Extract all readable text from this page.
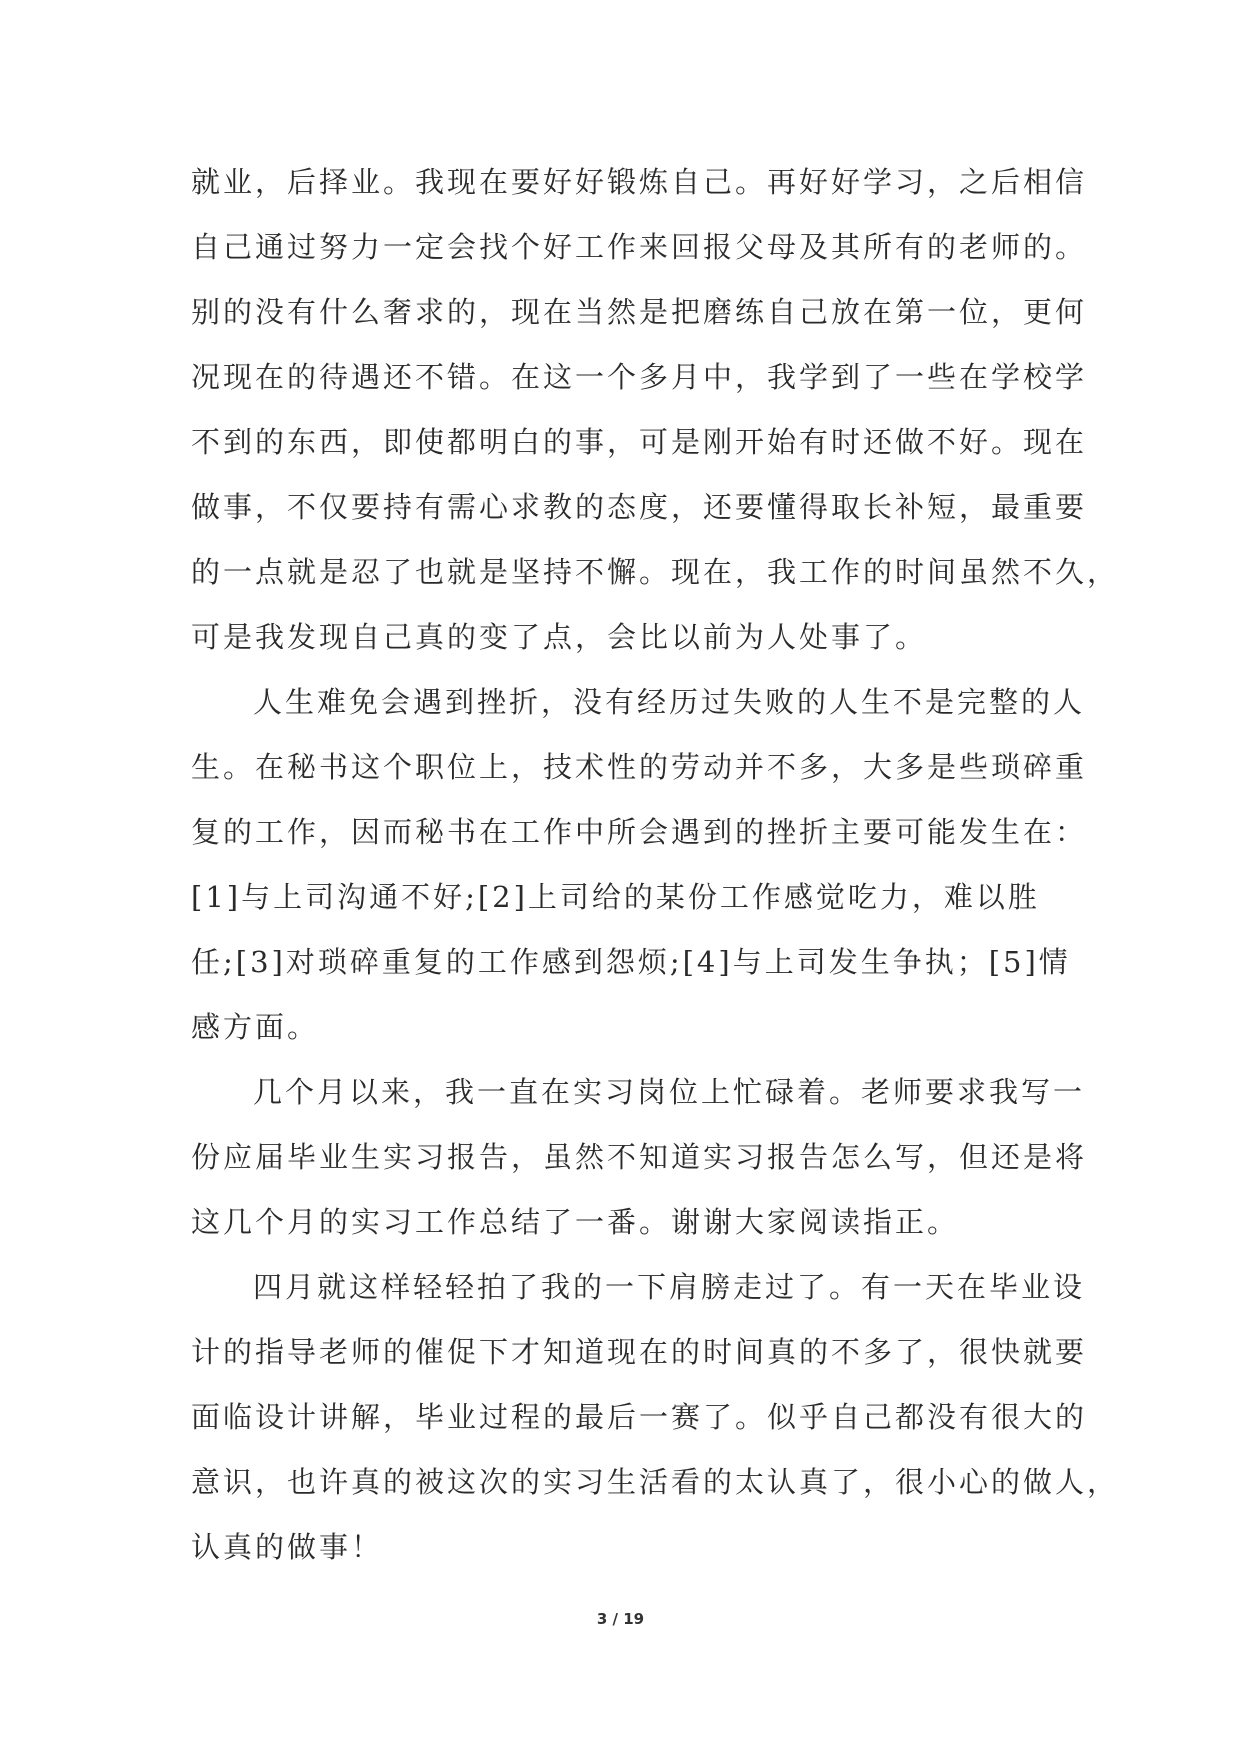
就业，后择业。我现在要好好锻炼自己。再好好学习，之后相信
自己通过努力一定会找个好工作来回报父母及其所有的老师的。
别的没有什么奢求的，现在当然是把磨练自己放在第一位，更何
况现在的待遇还不错。在这一个多月中，我学到了一些在学校学
不到的东西，即使都明白的事，可是刚开始有时还做不好。现在
做事，不仅要持有需心求教的态度，还要懂得取长补短，最重要
的一点就是忍了也就是坚持不懈。现在，我工作的时间虽然不久，
可是我发现自己真的变了点，会比以前为人处事了。
人生难免会遇到挫折，没有经历过失败的人生不是完整的人
生。在秘书这个职位上，技术性的劳动并不多，大多是些琐碎重
复的工作，因而秘书在工作中所会遇到的挫折主要可能发生在：
[1]与上司沟通不好;[2]上司给的某份工作感觉吃力，难以胜
任;[3]对琐碎重复的工作感到怨烦;[4]与上司发生争执；[5]情
感方面。
几个月以来，我一直在实习岗位上忙碌着。老师要求我写一
份应届毕业生实习报告，虽然不知道实习报告怎么写，但还是将
这几个月的实习工作总结了一番。谢谢大家阅读指正。
四月就这样轻轻拍了我的一下肩膀走过了。有一天在毕业设
计的指导老师的催促下才知道现在的时间真的不多了，很快就要
面临设计讲解，毕业过程的最后一赛了。似乎自己都没有很大的
意识，也许真的被这次的实习生活看的太认真了，很小心的做人，
认真的做事！
3 / 19
